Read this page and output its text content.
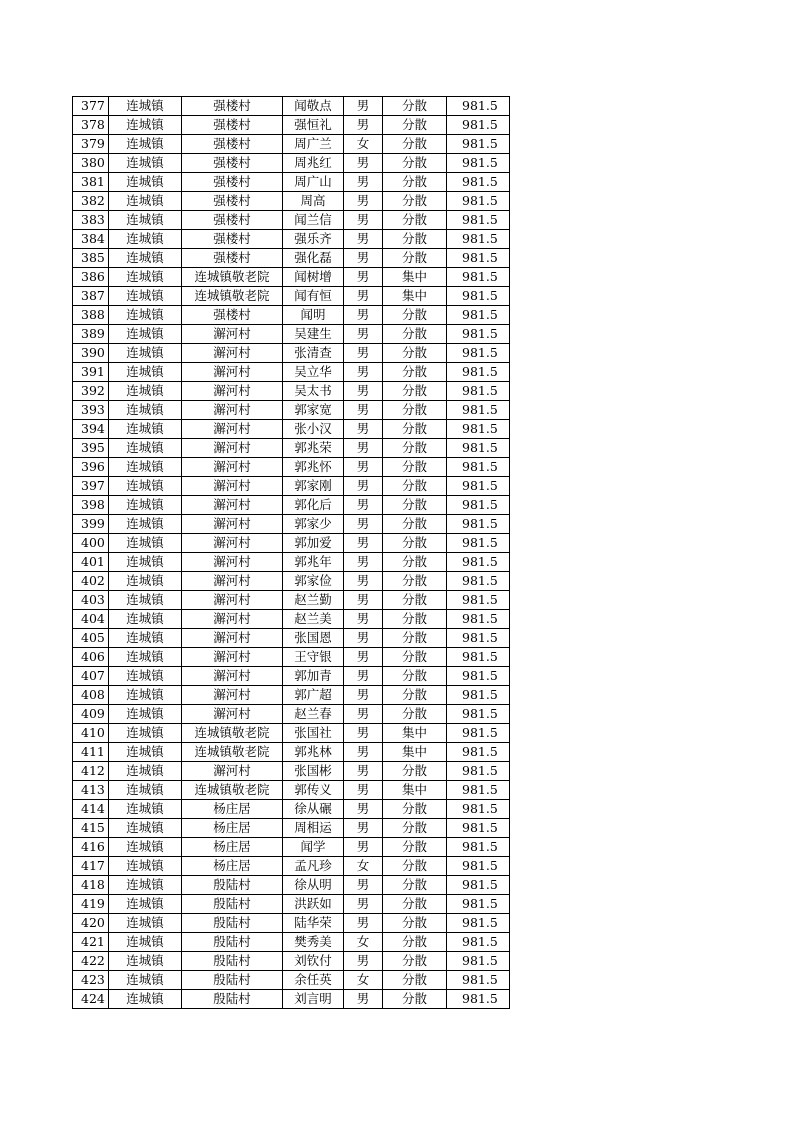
377	连城镇	强楼村	闻敬点	男	分散	981.5
378	连城镇	强楼村	强恒礼	男	分散	981.5
379	连城镇	强楼村	周广兰	女	分散	981.5
380	连城镇	强楼村	周兆红	男	分散	981.5
381	连城镇	强楼村	周广山	男	分散	981.5
382	连城镇	强楼村	周高	男	分散	981.5
383	连城镇	强楼村	闻兰信	男	分散	981.5
384	连城镇	强楼村	强乐齐	男	分散	981.5
385	连城镇	强楼村	强化磊	男	分散	981.5
386	连城镇	连城镇敬老院	闻树增	男	集中	981.5
387	连城镇	连城镇敬老院	闻有恒	男	集中	981.5
388	连城镇	强楼村	闻明	男	分散	981.5
389	连城镇	澥河村	吴建生	男	分散	981.5
390	连城镇	澥河村	张清查	男	分散	981.5
391	连城镇	澥河村	吴立华	男	分散	981.5
392	连城镇	澥河村	吴太书	男	分散	981.5
393	连城镇	澥河村	郭家宽	男	分散	981.5
394	连城镇	澥河村	张小汉	男	分散	981.5
395	连城镇	澥河村	郭兆荣	男	分散	981.5
396	连城镇	澥河村	郭兆怀	男	分散	981.5
397	连城镇	澥河村	郭家刚	男	分散	981.5
398	连城镇	澥河村	郭化后	男	分散	981.5
399	连城镇	澥河村	郭家少	男	分散	981.5
400	连城镇	澥河村	郭加爱	男	分散	981.5
401	连城镇	澥河村	郭兆年	男	分散	981.5
402	连城镇	澥河村	郭家俭	男	分散	981.5
403	连城镇	澥河村	赵兰勤	男	分散	981.5
404	连城镇	澥河村	赵兰美	男	分散	981.5
405	连城镇	澥河村	张国恩	男	分散	981.5
406	连城镇	澥河村	王守银	男	分散	981.5
407	连城镇	澥河村	郭加青	男	分散	981.5
408	连城镇	澥河村	郭广超	男	分散	981.5
409	连城镇	澥河村	赵兰春	男	分散	981.5
410	连城镇	连城镇敬老院	张国社	男	集中	981.5
411	连城镇	连城镇敬老院	郭兆林	男	集中	981.5
412	连城镇	澥河村	张国彬	男	分散	981.5
413	连城镇	连城镇敬老院	郭传义	男	集中	981.5
414	连城镇	杨庄居	徐从碾	男	分散	981.5
415	连城镇	杨庄居	周相运	男	分散	981.5
416	连城镇	杨庄居	闻学	男	分散	981.5
417	连城镇	杨庄居	孟凡珍	女	分散	981.5
418	连城镇	殷陆村	徐从明	男	分散	981.5
419	连城镇	殷陆村	洪跃如	男	分散	981.5
420	连城镇	殷陆村	陆华荣	男	分散	981.5
421	连城镇	殷陆村	樊秀美	女	分散	981.5
422	连城镇	殷陆村	刘钦付	男	分散	981.5
423	连城镇	殷陆村	余任英	女	分散	981.5
424	连城镇	殷陆村	刘言明	男	分散	981.5
